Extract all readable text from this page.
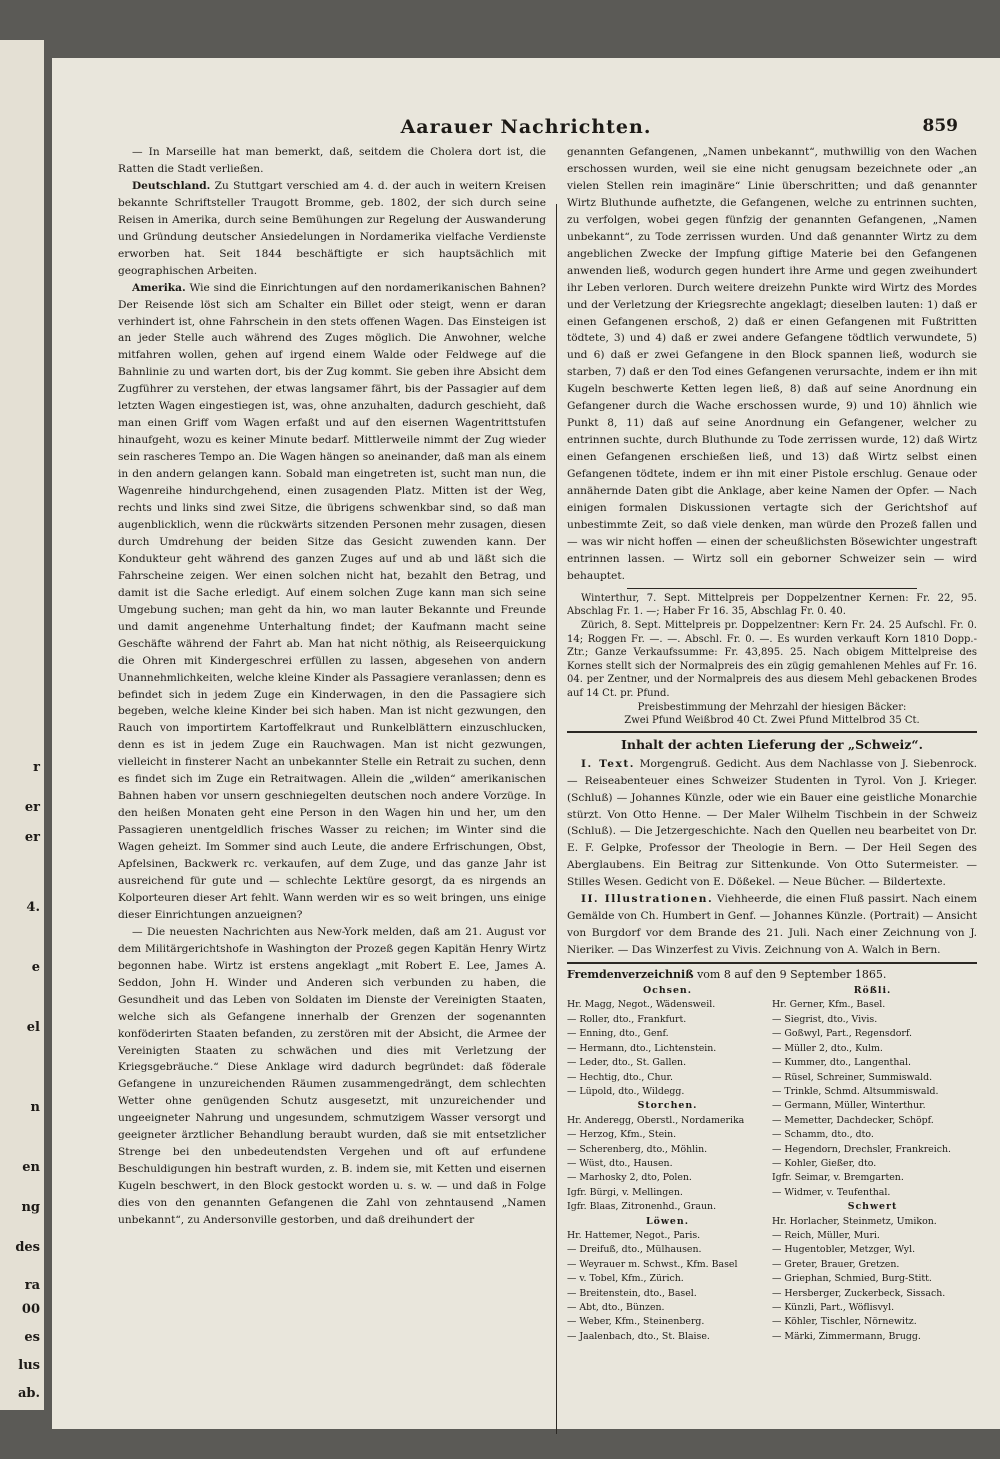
r
er
er
4.
e
el
n
en
ng
des
ra
00
es
lus
ab.
Aarauer Nachrichten.	859

— In Marseille hat man bemerkt, daß, seitdem die Cholera dort ist, die Ratten die Stadt verließen.

Deutschland. Zu Stuttgart verschied am 4. d. der auch in weitern Kreisen bekannte Schriftsteller Traugott Bromme, geb. 1802, der sich durch seine Reisen in Amerika, durch seine Bemühungen zur Regelung der Auswanderung und Gründung deutscher Ansiedelungen in Nordamerika vielfache Verdienste erworben hat. Seit 1844 beschäftigte er sich hauptsächlich mit geographischen Arbeiten.

Amerika. Wie sind die Einrichtungen auf den nordamerikanischen Bahnen? Der Reisende löst sich am Schalter ein Billet oder steigt, wenn er daran verhindert ist, ohne Fahrschein in den stets offenen Wagen. Das Einsteigen ist an jeder Stelle auch während des Zuges möglich. Die Anwohner, welche mitfahren wollen, gehen auf irgend einem Walde oder Feldwege auf die Bahnlinie zu und warten dort, bis der Zug kommt. Sie geben ihre Absicht dem Zugführer zu verstehen, der etwas langsamer fährt, bis der Passagier auf dem letzten Wagen eingestiegen ist, was, ohne anzuhalten, dadurch geschieht, daß man einen Griff vom Wagen erfaßt und auf den eisernen Wagentrittstufen hinaufgeht, wozu es keiner Minute bedarf. Mittlerweile nimmt der Zug wieder sein rascheres Tempo an. Die Wagen hängen so aneinander, daß man als einem in den andern gelangen kann. Sobald man eingetreten ist, sucht man nun, die Wagenreihe hindurchgehend, einen zusagenden Platz. Mitten ist der Weg, rechts und links sind zwei Sitze, die übrigens schwenkbar sind, so daß man augenblicklich, wenn die rückwärts sitzenden Personen mehr zusagen, diesen durch Umdrehung der beiden Sitze das Gesicht zuwenden kann. Der Kondukteur geht während des ganzen Zuges auf und ab und läßt sich die Fahrscheine zeigen. Wer einen solchen nicht hat, bezahlt den Betrag, und damit ist die Sache erledigt. Auf einem solchen Zuge kann man sich seine Umgebung suchen; man geht da hin, wo man lauter Bekannte und Freunde und damit angenehme Unterhaltung findet; der Kaufmann macht seine Geschäfte während der Fahrt ab. Man hat nicht nöthig, als Reiseerquickung die Ohren mit Kindergeschrei erfüllen zu lassen, abgesehen von andern Unannehmlichkeiten, welche kleine Kinder als Passagiere veranlassen; denn es befindet sich in jedem Zuge ein Kinderwagen, in den die Passagiere sich begeben, welche kleine Kinder bei sich haben. Man ist nicht gezwungen, den Rauch von importirtem Kartoffelkraut und Runkelblättern einzuschlucken, denn es ist in jedem Zuge ein Rauchwagen. Man ist nicht gezwungen, vielleicht in finsterer Nacht an unbekannter Stelle ein Retrait zu suchen, denn es findet sich im Zuge ein Retraitwagen. Allein die „wilden“ amerikanischen Bahnen haben vor unsern geschniegelten deutschen noch andere Vorzüge. In den heißen Monaten geht eine Person in den Wagen hin und her, um den Passagieren unentgeldlich frisches Wasser zu reichen; im Winter sind die Wagen geheizt. Im Sommer sind auch Leute, die andere Erfrischungen, Obst, Apfelsinen, Backwerk rc. verkaufen, auf dem Zuge, und das ganze Jahr ist ausreichend für gute und — schlechte Lektüre gesorgt, da es nirgends an Kolporteuren dieser Art fehlt. Wann werden wir es so weit bringen, uns einige dieser Einrichtungen anzueignen?

— Die neuesten Nachrichten aus New-York melden, daß am 21. August vor dem Militärgerichtshofe in Washington der Prozeß gegen Kapitän Henry Wirtz begonnen habe. Wirtz ist erstens angeklagt „mit Robert E. Lee, James A. Seddon, John H. Winder und Anderen sich verbunden zu haben, die Gesundheit und das Leben von Soldaten im Dienste der Vereinigten Staaten, welche sich als Gefangene innerhalb der Grenzen der sogenannten konföderirten Staaten befanden, zu zerstören mit der Absicht, die Armee der Vereinigten Staaten zu schwächen und dies mit Verletzung der Kriegsgebräuche.“ Diese Anklage wird dadurch begründet: daß föderale Gefangene in unzureichenden Räumen zusammengedrängt, dem schlechten Wetter ohne genügenden Schutz ausgesetzt, mit unzureichender und ungeeigneter Nahrung und ungesundem, schmutzigem Wasser versorgt und geeigneter ärztlicher Behandlung beraubt wurden, daß sie mit entsetzlicher Strenge bei den unbedeutendsten Vergehen und oft auf erfundene Beschuldigungen hin bestraft wurden, z. B. indem sie, mit Ketten und eisernen Kugeln beschwert, in den Block gestockt worden u. s. w. — und daß in Folge dies von den genannten Gefangenen die Zahl von zehntausend „Namen unbekannt“, zu Andersonville gestorben, und daß dreihundert der

genannten Gefangenen, „Namen unbekannt“, muthwillig von den Wachen erschossen wurden, weil sie eine nicht genugsam bezeichnete oder „an vielen Stellen rein imaginäre“ Linie überschritten; und daß genannter Wirtz Bluthunde aufhetzte, die Gefangenen, welche zu entrinnen suchten, zu verfolgen, wobei gegen fünfzig der genannten Gefangenen, „Namen unbekannt“, zu Tode zerrissen wurden. Und daß genannter Wirtz zu dem angeblichen Zwecke der Impfung giftige Materie bei den Gefangenen anwenden ließ, wodurch gegen hundert ihre Arme und gegen zweihundert ihr Leben verloren. Durch weitere dreizehn Punkte wird Wirtz des Mordes und der Verletzung der Kriegsrechte angeklagt; dieselben lauten: 1) daß er einen Gefangenen erschoß, 2) daß er einen Gefangenen mit Fußtritten tödtete, 3) und 4) daß er zwei andere Gefangene tödtlich verwundete, 5) und 6) daß er zwei Gefangene in den Block spannen ließ, wodurch sie starben, 7) daß er den Tod eines Gefangenen verursachte, indem er ihn mit Kugeln beschwerte Ketten legen ließ, 8) daß auf seine Anordnung ein Gefangener durch die Wache erschossen wurde, 9) und 10) ähnlich wie Punkt 8, 11) daß auf seine Anordnung ein Gefangener, welcher zu entrinnen suchte, durch Bluthunde zu Tode zerrissen wurde, 12) daß Wirtz einen Gefangenen erschießen ließ, und 13) daß Wirtz selbst einen Gefangenen tödtete, indem er ihn mit einer Pistole erschlug. Genaue oder annähernde Daten gibt die Anklage, aber keine Namen der Opfer. — Nach einigen formalen Diskussionen vertagte sich der Gerichtshof auf unbestimmte Zeit, so daß viele denken, man würde den Prozeß fallen und — was wir nicht hoffen — einen der scheußlichsten Bösewichter ungestraft entrinnen lassen. — Wirtz soll ein geborner Schweizer sein — wird behauptet.

Winterthur, 7. Sept. Mittelpreis per Doppelzentner Kernen: Fr. 22, 95. Abschlag Fr. 1. —; Haber Fr 16. 35, Abschlag Fr. 0. 40.

Zürich, 8. Sept. Mittelpreis pr. Doppelzentner: Kern Fr. 24. 25 Aufschl. Fr. 0. 14; Roggen Fr. —. —. Abschl. Fr. 0. —. Es wurden verkauft Korn 1810 Dopp.-Ztr.; Ganze Verkaufssumme: Fr. 43,895. 25. Nach obigem Mittelpreise des Kornes stellt sich der Normalpreis des ein zügig gemahlenen Mehles auf Fr. 16. 04. per Zentner, und der Normalpreis des aus diesem Mehl gebackenen Brodes auf 14 Ct. pr. Pfund.

Preisbestimmung der Mehrzahl der hiesigen Bäcker:

Zwei Pfund Weißbrod 40 Ct. Zwei Pfund Mittelbrod 35 Ct.

Inhalt der achten Lieferung der „Schweiz“.

I. Text. Morgengruß. Gedicht. Aus dem Nachlasse von J. Siebenrock. — Reiseabenteuer eines Schweizer Studenten in Tyrol. Von J. Krieger. (Schluß) — Johannes Künzle, oder wie ein Bauer eine geistliche Monarchie stürzt. Von Otto Henne. — Der Maler Wilhelm Tischbein in der Schweiz (Schluß). — Die Jetzergeschichte. Nach den Quellen neu bearbeitet von Dr. E. F. Gelpke, Professor der Theologie in Bern. — Der Heil Segen des Aberglaubens. Ein Beitrag zur Sittenkunde. Von Otto Sutermeister. — Stilles Wesen. Gedicht von E. Dößekel. — Neue Bücher. — Bildertexte.

II. Illustrationen. Viehheerde, die einen Fluß passirt. Nach einem Gemälde von Ch. Humbert in Genf. — Johannes Künzle. (Portrait) — Ansicht von Burgdorf vor dem Brande des 21. Juli. Nach einer Zeichnung von J. Nieriker. — Das Winzerfest zu Vivis. Zeichnung von A. Walch in Bern.

Fremdenverzeichniß vom 8 auf den 9 September 1865.

Ochsen.
Hr. Magg, Negot., Wädensweil.
— Roller, dto., Frankfurt.
— Enning, dto., Genf.
— Hermann, dto., Lichtenstein.
— Leder, dto., St. Gallen.
— Hechtig, dto., Chur.
— Lüpold, dto., Wildegg.
Storchen.
Hr. Anderegg, Oberstl., Nordamerika
— Herzog, Kfm., Stein.
— Scherenberg, dto., Möhlin.
— Wüst, dto., Hausen.
— Marhosky 2, dto, Polen.
Igfr. Bürgi, v. Mellingen.
Igfr. Blaas, Zitronenhd., Graun.
Löwen.
Hr. Hattemer, Negot., Paris.
— Dreifuß, dto., Mülhausen.
— Weyrauer m. Schwst., Kfm. Basel
— v. Tobel, Kfm., Zürich.
— Breitenstein, dto., Basel.
— Abt, dto., Bünzen.
— Weber, Kfm., Steinenberg.
— Jaalenbach, dto., St. Blaise.
Rößli.
Hr. Gerner, Kfm., Basel.
— Siegrist, dto., Vivis.
— Goßwyl, Part., Regensdorf.
— Müller 2, dto., Kulm.
— Kummer, dto., Langenthal.
— Rüsel, Schreiner, Summiswald.
— Trinkle, Schmd. Altsummiswald.
— Germann, Müller, Winterthur.
— Memetter, Dachdecker, Schöpf.
— Schamm, dto., dto.
— Hegendorn, Drechsler, Frankreich.
— Kohler, Gießer, dto.
Igfr. Seimar, v. Bremgarten.
— Widmer, v. Teufenthal.
Schwert
Hr. Horlacher, Steinmetz, Umikon.
— Reich, Müller, Muri.
— Hugentobler, Metzger, Wyl.
— Greter, Brauer, Gretzen.
— Griephan, Schmied, Burg-Stitt.
— Hersberger, Zuckerbeck, Sissach.
— Künzli, Part., Wöflisvyl.
— Köhler, Tischler, Nörnewitz.
— Märki, Zimmermann, Brugg.
